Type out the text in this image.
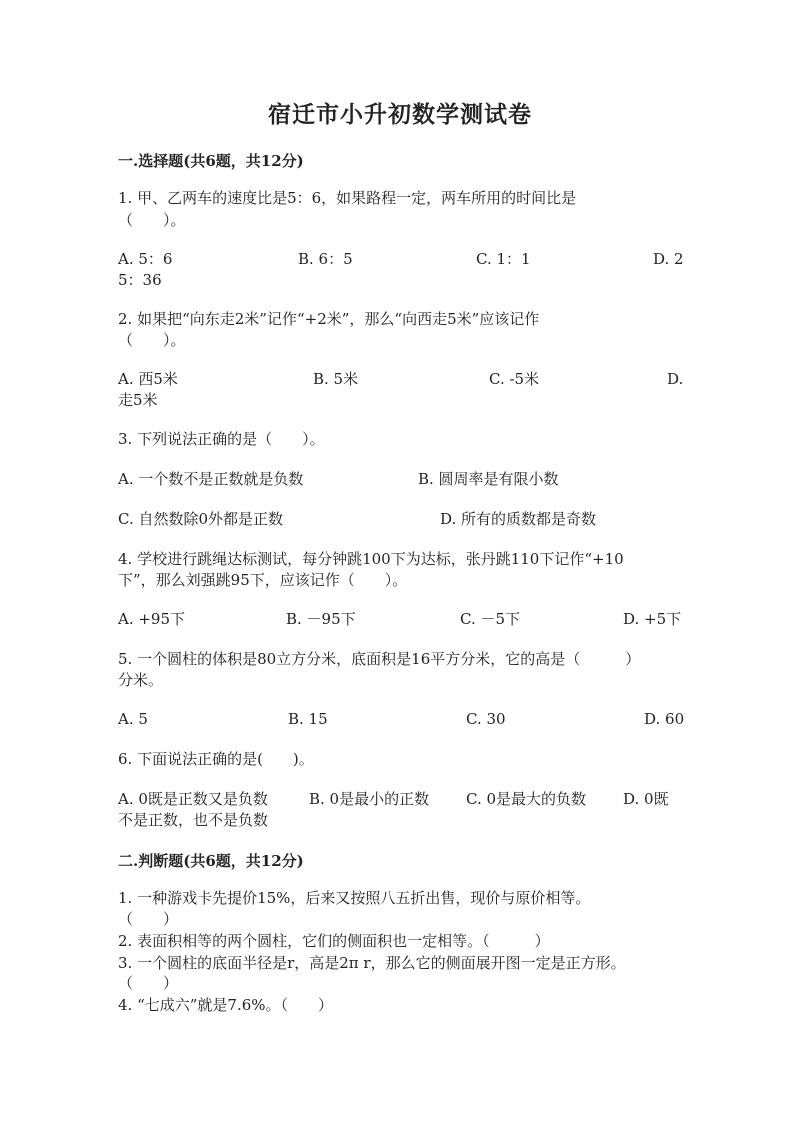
宿迁市小升初数学测试卷
一.选择题(共6题，共12分)
1. 甲、乙两车的速度比是5：6，如果路程一定，两车所用的时间比是
（　　）。
A. 5：6	B. 6：5	C. 1：1	D. 2
5：36
2. 如果把“向东走2米”记作“+2米”，那么“向西走5米”应该记作
（　　）。
A. 西5米	B. 5米	C. -5米	D.
走5米
3. 下列说法正确的是（　　）。
A. 一个数不是正数就是负数	B. 圆周率是有限小数
C. 自然数除0外都是正数	D. 所有的质数都是奇数
4. 学校进行跳绳达标测试，每分钟跳100下为达标，张丹跳110下记作“+10
下”，那么刘强跳95下，应该记作（　　）。
A. +95下	B. －95下	C. －5下	D. +5下
5. 一个圆柱的体积是80立方分米，底面积是16平方分米，它的高是（　　　）
分米。
A. 5	B. 15	C. 30	D. 60
6. 下面说法正确的是(　　)。
A. 0既是正数又是负数	B. 0是最小的正数 C. 0是最大的负数 D. 0既
不是正数，也不是负数
二.判断题(共6题，共12分)
1. 一种游戏卡先提价15%，后来又按照八五折出售，现价与原价相等。
（　　）
2. 表面积相等的两个圆柱，它们的侧面积也一定相等。（　　　）
3. 一个圆柱的底面半径是r，高是2π r，那么它的侧面展开图一定是正方形。
（　　）
4. “七成六”就是7.6%。（　　）
